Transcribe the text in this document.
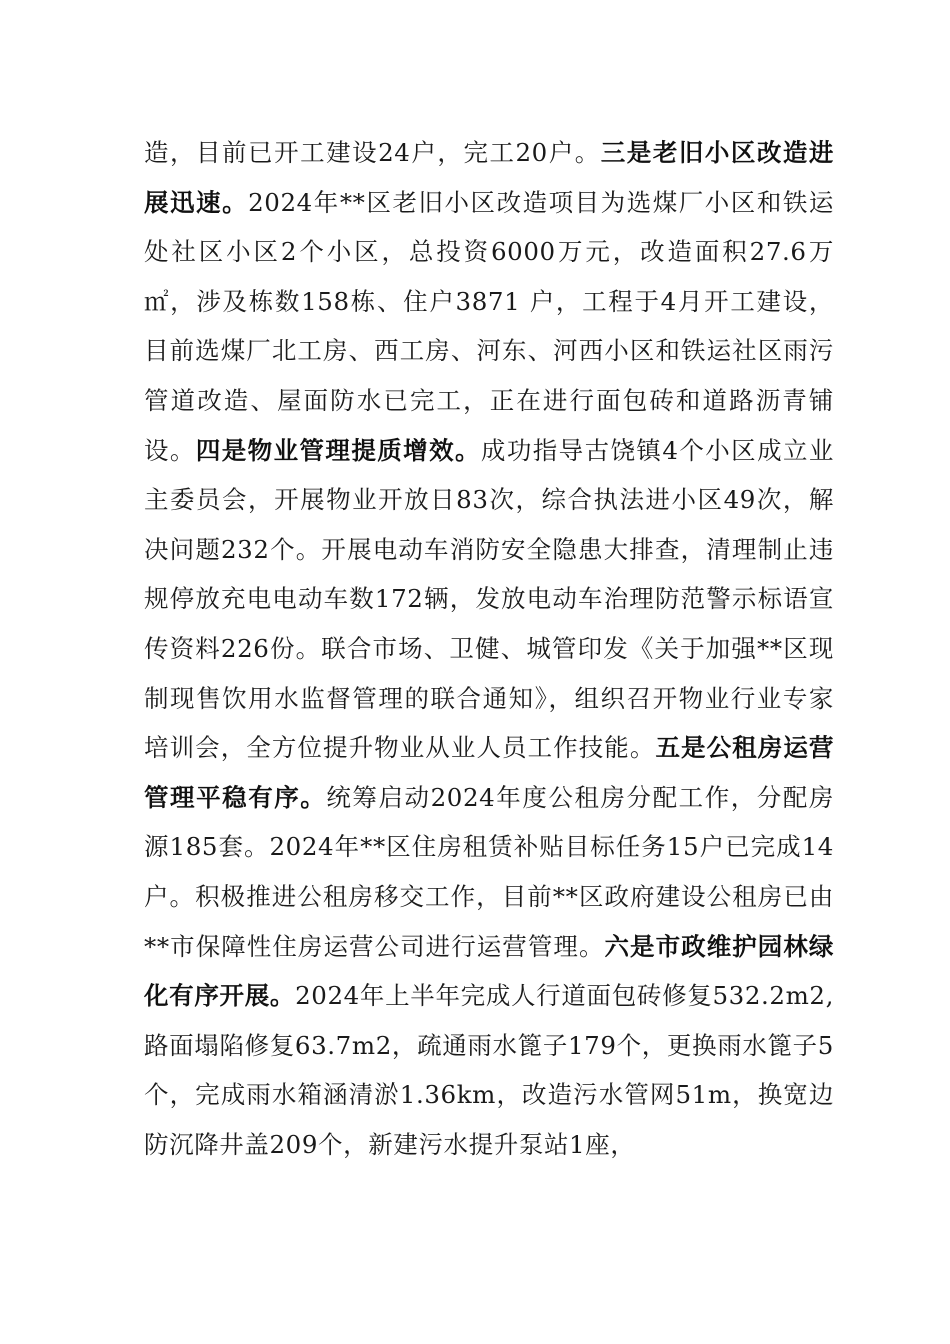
造，目前已开工建设24户，完工20户。三是老旧小区改造进展迅速。2024年**区老旧小区改造项目为选煤厂小区和铁运处社区小区2个小区，总投资6000万元，改造面积27.6万㎡，涉及栋数158栋、住户3871 户，工程于4月开工建设，目前选煤厂北工房、西工房、河东、河西小区和铁运社区雨污管道改造、屋面防水已完工，正在进行面包砖和道路沥青铺设。四是物业管理提质增效。成功指导古饶镇4个小区成立业主委员会，开展物业开放日83次，综合执法进小区49次，解决问题232个。开展电动车消防安全隐患大排查，清理制止违规停放充电电动车数172辆，发放电动车治理防范警示标语宣传资料226份。联合市场、卫健、城管印发《关于加强**区现制现售饮用水监督管理的联合通知》，组织召开物业行业专家培训会，全方位提升物业从业人员工作技能。五是公租房运营管理平稳有序。统筹启动2024年度公租房分配工作，分配房源185套。2024年**区住房租赁补贴目标任务15户已完成14户。积极推进公租房移交工作，目前**区政府建设公租房已由**市保障性住房运营公司进行运营管理。六是市政维护园林绿化有序开展。2024年上半年完成人行道面包砖修复532.2m2,路面塌陷修复63.7m2，疏通雨水篦子179个，更换雨水篦子5个，完成雨水箱涵清淤1.36km，改造污水管网51m，换宽边防沉降井盖209个，新建污水提升泵站1座，
